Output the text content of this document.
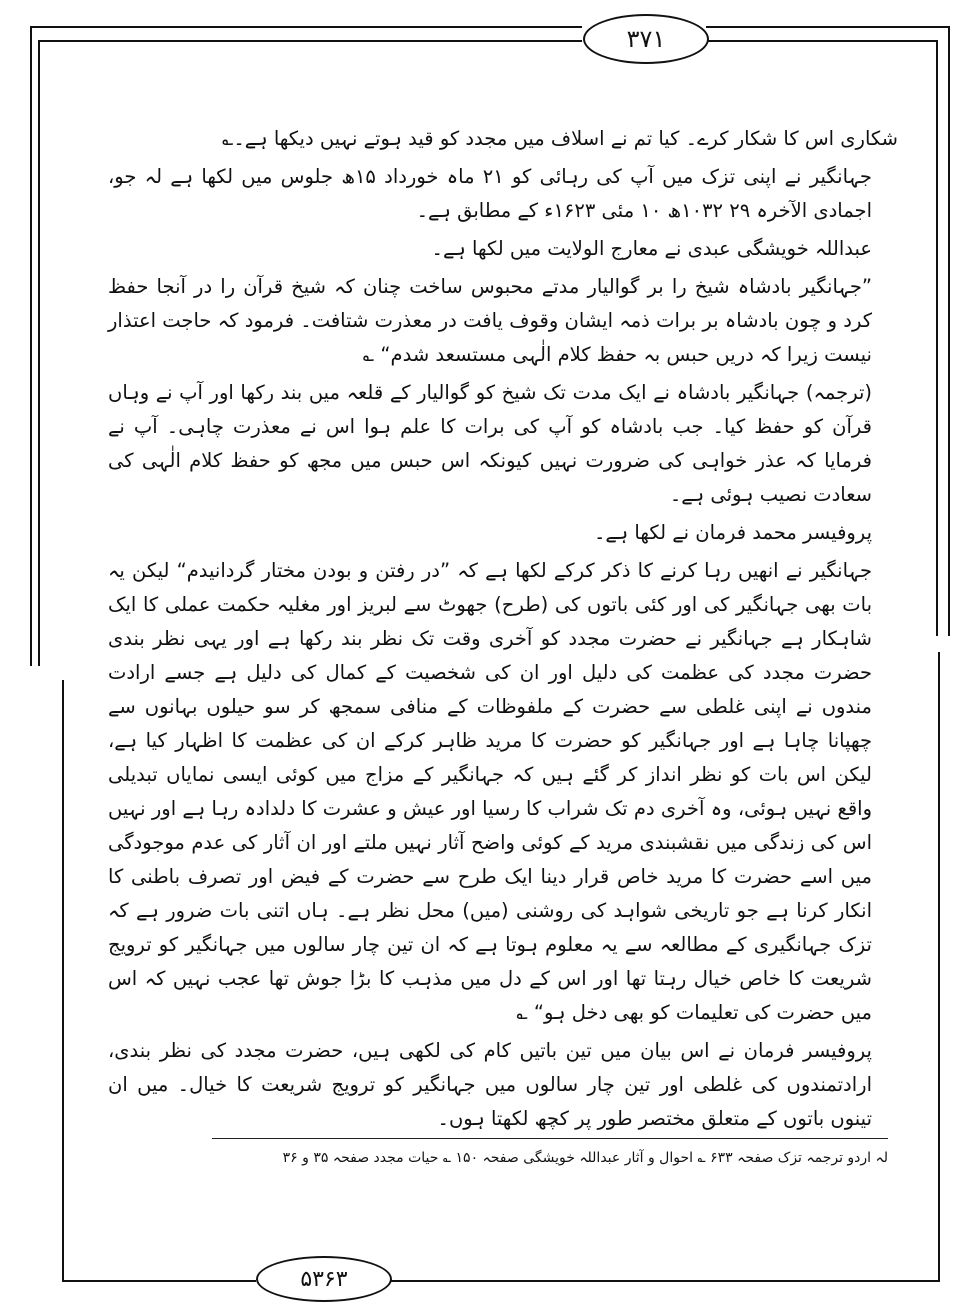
۳۷۱
۵۳۶۳

شکاری اس کا شکار کرے۔ کیا تم نے اسلاف میں مجدد کو قید ہوتے نہیں دیکھا ہے۔؎

جہانگیر نے اپنی تزک میں آپ کی رہائی کو ۲۱ ماہ خورداد ۱۵ھ جلوس میں لکھا ہے لہ جو، اجمادی الآخرہ ۲۹ ۱۰۳۲ھ ۱۰ مئی ۱۶۲۳ء کے مطابق ہے۔

عبداللہ خویشگی عبدی نے معارج الولایت میں لکھا ہے۔

”جہانگیر بادشاہ شیخ را بر گوالیار مدتے محبوس ساخت چنان کہ شیخ قرآن را در آنجا حفظ کرد و چون بادشاہ بر برات ذمہ ایشان وقوف یافت در معذرت شتافت۔ فرمود کہ حاجت اعتذار نیست زیرا کہ دریں حبس بہ حفظ کلام الٰہی مستسعد شدم“ ؎

(ترجمہ) جہانگیر بادشاہ نے ایک مدت تک شیخ کو گوالیار کے قلعہ میں بند رکھا اور آپ نے وہاں قرآن کو حفظ کیا۔ جب بادشاہ کو آپ کی برات کا علم ہوا اس نے معذرت چاہی۔ آپ نے فرمایا کہ عذر خواہی کی ضرورت نہیں کیونکہ اس حبس میں مجھ کو حفظ کلام الٰہی کی سعادت نصیب ہوئی ہے۔

پروفیسر محمد فرمان نے لکھا ہے۔

جہانگیر نے انھیں رہا کرنے کا ذکر کرکے لکھا ہے کہ ”در رفتن و بودن مختار گردانیدم“ لیکن یہ بات بھی جہانگیر کی اور کئی باتوں کی (طرح) جھوٹ سے لبریز اور مغلیہ حکمت عملی کا ایک شاہکار ہے جہانگیر نے حضرت مجدد کو آخری وقت تک نظر بند رکھا ہے اور یہی نظر بندی حضرت مجدد کی عظمت کی دلیل اور ان کی شخصیت کے کمال کی دلیل ہے جسے ارادت مندوں نے اپنی غلطی سے حضرت کے ملفوظات کے منافی سمجھ کر سو حیلوں بہانوں سے چھپانا چاہا ہے اور جہانگیر کو حضرت کا مرید ظاہر کرکے ان کی عظمت کا اظہار کیا ہے، لیکن اس بات کو نظر انداز کر گئے ہیں کہ جہانگیر کے مزاج میں کوئی ایسی نمایاں تبدیلی واقع نہیں ہوئی، وہ آخری دم تک شراب کا رسیا اور عیش و عشرت کا دلدادہ رہا ہے اور نہیں اس کی زندگی میں نقشبندی مرید کے کوئی واضح آثار نہیں ملتے اور ان آثار کی عدم موجودگی میں اسے حضرت کا مرید خاص قرار دینا ایک طرح سے حضرت کے فیض اور تصرف باطنی کا انکار کرنا ہے جو تاریخی شواہد کی روشنی (میں) محل نظر ہے۔ ہاں اتنی بات ضرور ہے کہ تزک جہانگیری کے مطالعہ سے یہ معلوم ہوتا ہے کہ ان تین چار سالوں میں جہانگیر کو ترویج شریعت کا خاص خیال رہتا تھا اور اس کے دل میں مذہب کا بڑا جوش تھا عجب نہیں کہ اس میں حضرت کی تعلیمات کو بھی دخل ہو“ ؎

پروفیسر فرمان نے اس بیان میں تین باتیں کام کی لکھی ہیں، حضرت مجدد کی نظر بندی، ارادتمندوں کی غلطی اور تین چار سالوں میں جہانگیر کو ترویج شریعت کا خیال۔ میں ان تینوں باتوں کے متعلق مختصر طور پر کچھ لکھتا ہوں۔

لہ اردو ترجمہ تزک صفحہ ۶۳۳ ؎ احوال و آثار عبداللہ خویشگی صفحہ ۱۵۰ ؎ حیات مجدد صفحہ ۳۵ و ۳۶
